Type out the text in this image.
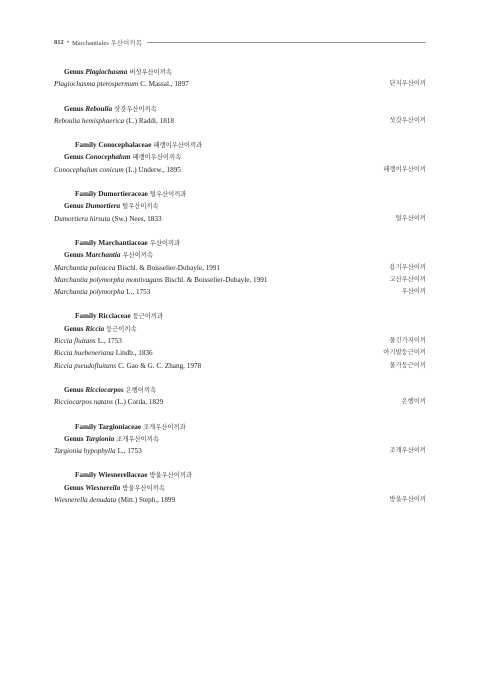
812 • Marchantiales 우산이끼목
Genus Plagiochasma 버섯우산이끼속
Plagiochasma pterospermum C. Massal., 1897	단지우산이끼
Genus Reboulia 삿갓우산이끼속
Reboulia hemisphaerica (L.) Raddi, 1818	삿갓우산이끼
Family Conocephalaceae 패랭이우산이끼과
Genus Conocephalum 패랭이우산이끼속
Conocephalum conicum (L.) Underw., 1895	패랭이우산이끼
Family Dumortieraceae 털우산이끼과
Genus Dumortiera 털우산이끼속
Dumortiera hirsuta (Sw.) Nees, 1833	털우산이끼
Family Marchantiaceae 우산이끼과
Genus Marchantia 우산이끼속
Marchantia paleacea Bischl. & Boisselier-Dubayle, 1991	용기우산이끼
Marchantia polymorpha montivagans Bischl. & Boisselier-Dubayle, 1991	고산우산이끼
Marchantia polymorpha L., 1753	우산이끼
Family Ricciaceae 둥근이끼과
Genus Riccia 둥근이끼속
Riccia fluitans L., 1753	물긴가지이끼
Riccia huebeneriana Lindb., 1836	아기발둥근이끼
Riccia pseudofluitans C. Gao & G. C. Zhang, 1978	물가둥근이끼
Genus Ricciocarpos 은행이끼속
Ricciocarpos natans (L.) Corda, 1829	은행이끼
Family Targioniaceae 조개우산이끼과
Genus Targionia 조개우산이끼속
Targionia hypophylla L., 1753	조개우산이끼
Family Wiesnerellaceae 방울우산이끼과
Genus Wiesnerella 방울우산이끼속
Wiesnerella denudata (Mitt.) Steph., 1899	방울우산이끼
